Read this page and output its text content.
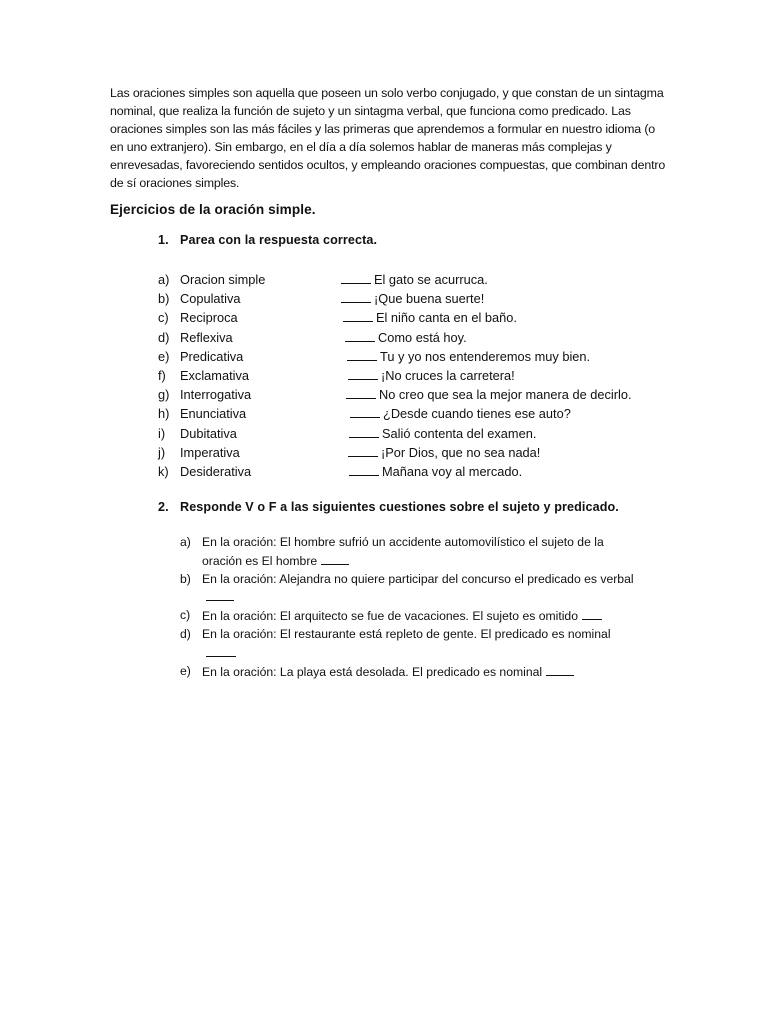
Las oraciones simples son aquella que poseen un solo verbo conjugado, y que constan de un sintagma nominal, que realiza la función de sujeto y un sintagma verbal, que funciona como predicado. Las oraciones simples son las más fáciles y las primeras que aprendemos a formular en nuestro idioma (o en uno extranjero). Sin embargo, en el día a día solemos hablar de maneras más complejas y enrevesadas, favoreciendo sentidos ocultos, y empleando oraciones compuestas, que combinan dentro de sí oraciones simples.

Ejercicios de la oración simple.
1. Parea con la respuesta correcta.
a) Oracion simple	El gato se acurruca.
b) Copulativa	¡Que buena suerte!
c) Reciproca	El niño canta en el baño.
d) Reflexiva	Como está hoy.
e) Predicativa	Tu y yo nos entenderemos muy bien.
f) Exclamativa	¡No cruces la carretera!
g) Interrogativa	No creo que sea la mejor manera de decirlo.
h) Enunciativa	¿Desde cuando tienes ese auto?
i) Dubitativa	Salió contenta del examen.
j) Imperativa	¡Por Dios, que no sea nada!
k) Desiderativa	Mañana voy al mercado.
2. Responde V o F a las siguientes cuestiones sobre el sujeto y predicado.
a) En la oración: El hombre sufrió un accidente automovilístico el sujeto de la oración es El hombre
b) En la oración: Alejandra no quiere participar del concurso el predicado es verbal
c) En la oración: El arquitecto se fue de vacaciones. El sujeto es omitido
d) En la oración: El restaurante está repleto de gente. El predicado es nominal
e) En la oración: La playa está desolada. El predicado es nominal
